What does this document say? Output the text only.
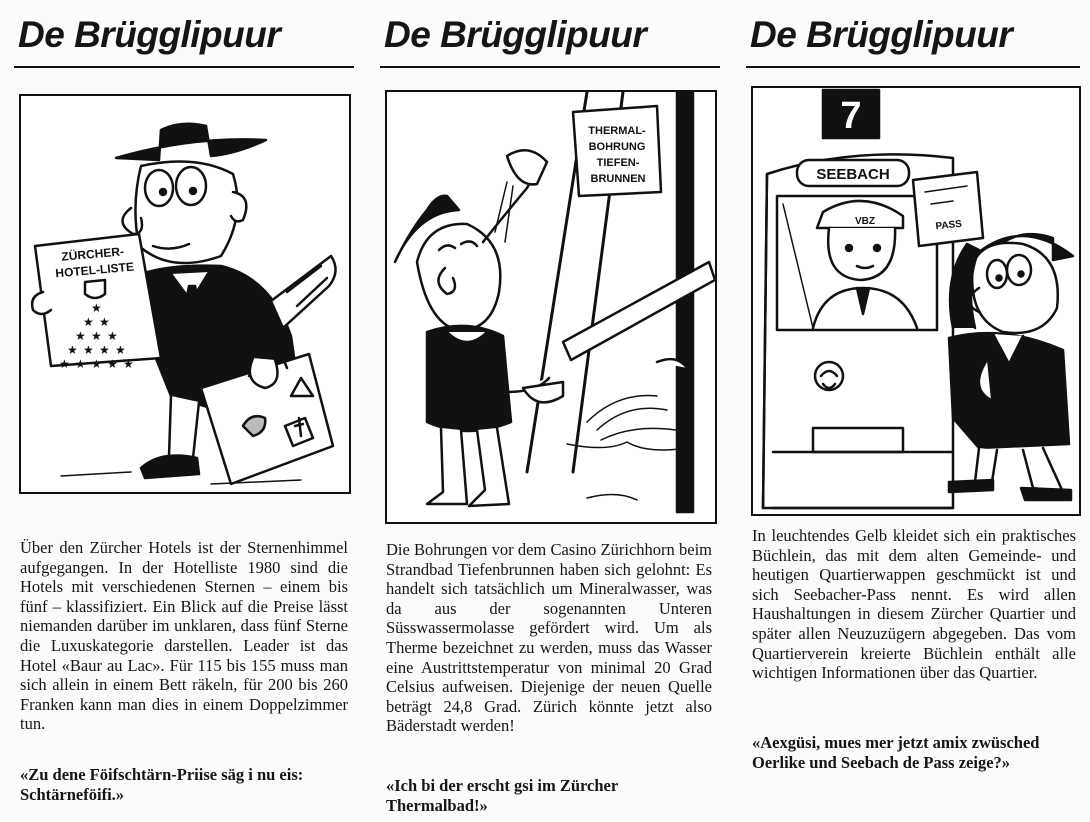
De Brügglipuur
ZÜRCHER-
HOTEL-LISTE
★
★ ★
★ ★ ★
★ ★ ★ ★
★ ★ ★ ★ ★

Über den Zürcher Hotels ist der Sternenhimmel aufgegangen. In der Hotelliste 1980 sind die Hotels mit verschiedenen Sternen – einem bis fünf – klassifiziert. Ein Blick auf die Preise lässt niemanden darüber im unklaren, dass fünf Sterne die Luxuskategorie darstellen. Leader ist das Hotel «Baur au Lac». Für 115 bis 155 muss man sich allein in einem Bett räkeln, für 200 bis 260 Franken kann man dies in einem Doppelzimmer tun.

«Zu dene Föifschtärn-Priise säg i nu eis: Schtärneföifi.»

De Brügglipuur
THERMAL-
BOHRUNG
TIEFEN-
BRUNNEN

Die Bohrungen vor dem Casino Zürichhorn beim Strandbad Tiefenbrunnen haben sich gelohnt: Es handelt sich tatsächlich um Mineralwasser, was da aus der sogenannten Unteren Süsswassermolasse gefördert wird. Um als Therme bezeichnet zu werden, muss das Wasser eine Austrittstemperatur von minimal 20 Grad Celsius aufweisen. Diejenige der neuen Quelle beträgt 24,8 Grad. Zürich könnte jetzt also Bäderstadt werden!

«Ich bi der erscht gsi im Zürcher Thermalbad!»

De Brügglipuur
7
SEEBACH
VBZ	PASS

In leuchtendes Gelb kleidet sich ein praktisches Büchlein, das mit dem alten Gemeinde- und heutigen Quartierwappen geschmückt ist und sich Seebacher-Pass nennt. Es wird allen Haushaltungen in diesem Zürcher Quartier und später allen Neuzuzügern abgegeben. Das vom Quartierverein kreierte Büchlein enthält alle wichtigen Informationen über das Quartier.

«Aexgüsi, mues mer jetzt amix zwüsched Oerlike und Seebach de Pass zeige?»
